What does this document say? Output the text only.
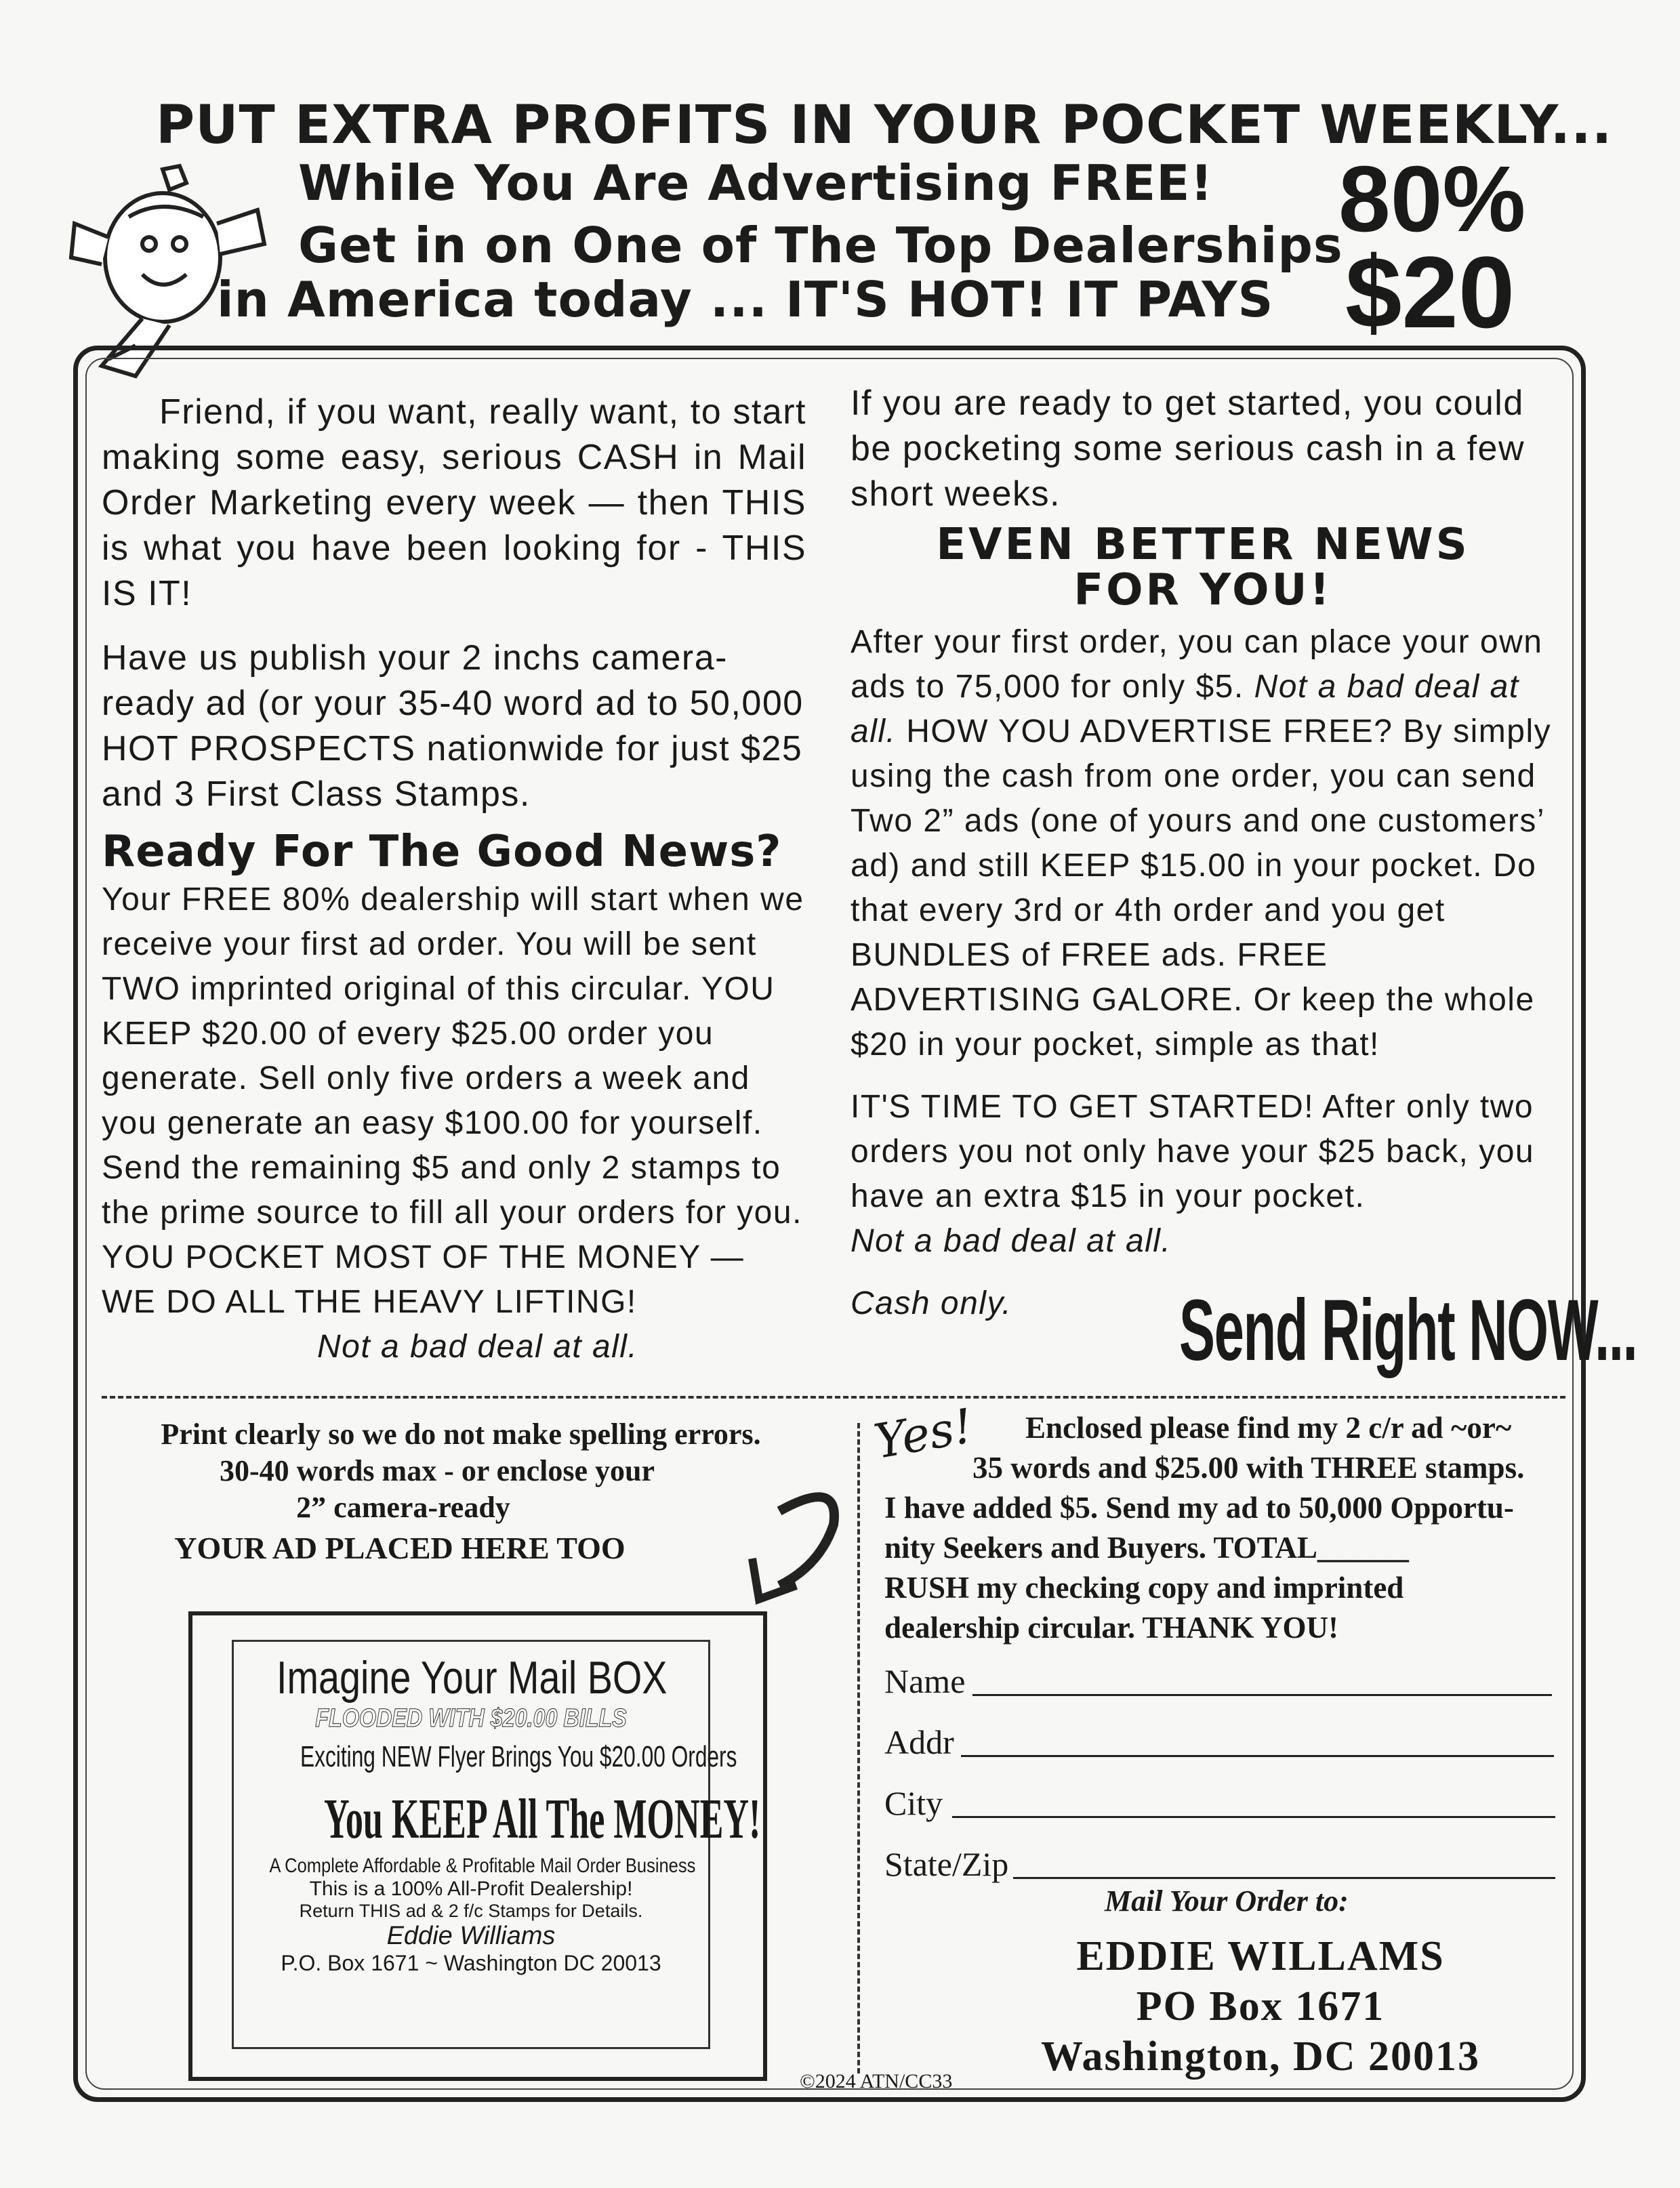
PUT EXTRA PROFITS IN YOUR POCKET WEEKLY...
While You Are Advertising FREE!
Get in on One of The Top Dealerships
in America today ... IT'S HOT! IT PAYS
80%
$20

Friend, if you want, really want, to start making some easy, serious CASH in Mail Order Marketing every week — then THIS is what you have been looking for - THIS IS IT!

Have us publish your 2 inchs camera-ready ad (or your 35-40 word ad to 50,000 HOT PROSPECTS nationwide for just $25 and 3 First Class Stamps.

Ready For The Good News?

Your FREE 80% dealership will start when we receive your first ad order. You will be sent TWO imprinted original of this circular. YOU KEEP $20.00 of every $25.00 order you generate. Sell only five orders a week and you generate an easy $100.00 for yourself. Send the remaining $5 and only 2 stamps to the prime source to fill all your orders for you. YOU POCKET MOST OF THE MONEY — WE DO ALL THE HEAVY LIFTING!

Not a bad deal at all.

If you are ready to get started, you could be pocketing some serious cash in a few short weeks.

EVEN BETTER NEWS
FOR YOU!

After your first order, you can place your own ads to 75,000 for only $5. Not a bad deal at all. HOW YOU ADVERTISE FREE? By simply using the cash from one order, you can send Two 2” ads (one of yours and one customers’ ad) and still KEEP $15.00 in your pocket. Do that every 3rd or 4th order and you get BUNDLES of FREE ads. FREE ADVERTISING GALORE. Or keep the whole $20 in your pocket, simple as that!

IT'S TIME TO GET STARTED! After only two orders you not only have your $25 back, you have an extra $15 in your pocket.

Not a bad deal at all.

Cash only.	Send Right NOW...
Print clearly so we do not make spelling errors.
30-40 words max - or enclose your
2” camera-ready
YOUR AD PLACED HERE TOO
Imagine Your Mail BOX
FLOODED WITH $20.00 BILLS
Exciting NEW Flyer Brings You $20.00 Orders
You KEEP All The MONEY!
A Complete Affordable & Profitable Mail Order Business
This is a 100% All-Profit Dealership!
Return THIS ad & 2 f/c Stamps for Details.
Eddie Williams
P.O. Box 1671 ~ Washington DC 20013
Yes!	Enclosed please find my 2 c/r ad ~or~
35 words and $25.00 with THREE stamps.
I have added $5. Send my ad to 50,000 Opportu-
nity Seekers and Buyers. TOTAL______
RUSH my checking copy and imprinted
dealership circular. THANK YOU!
Name
Addr
City
State/Zip
Mail Your Order to:
EDDIE WILLAMS
PO Box 1671
Washington, DC 20013
©2024 ATN/CC33
